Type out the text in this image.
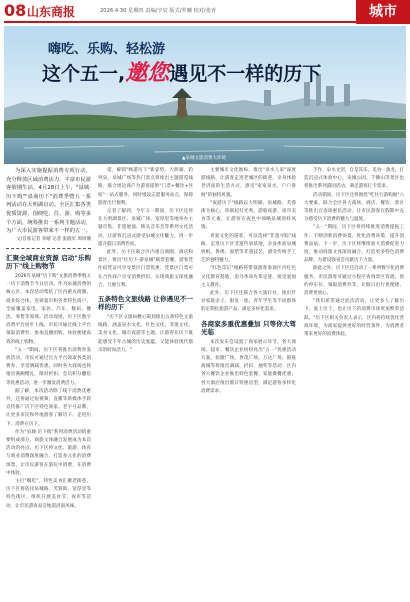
08 山东商报	2026.4.30 星期四 责编/辛辰 版式/罗曦 校对/张青	城市
嗨吃、乐购、轻松游
这个五一,邀您遇见不一样的历下
▲泉城文旅消费大环境

为深入实施提振消费专项行动，充分释放区域消费活力，丰富市民游客假期生活，4月28日上午，"泉城·历下购""泉商历下"消费季暨五一系列活动在大明湖启动。全区汇集各类优质资源，围绕吃、住、游、购等多个方面，统筹推出一系列主题活动，为广大市民游客带来不一样的五一。

文/首席记者 李晴 记者 张晓军 周珂珊

汇聚全域商业资源 启动"乐购历下"线上购物节

2026年泉城"历下购"文旅消费季暨五一历下消费节今日启动。作为泉城消费的核心区，本次活动集结了区内重点商圈、商业综合体、连锁超市和各类特色商户，全面覆盖家电、家居、汽车、数码、餐饮、零售等领域。活动现场，历下区数字消费平台同步上线，市民可通过线上平台领取消费券、参加直播团购，体验便捷高效的线上购物。

"五一"期间，历下区将推出消费券发放活动，市民可通过官方平台领取各类消费券，享受满减优惠。同时各大商场也将推出满额赠礼、限时折扣、会员积分翻倍等优惠活动，进一步激发消费活力。

据了解，本次活动除了线下消费优惠外，还将通过短视频、直播等新媒体手段宣传推广历下区特色商家、老字号品牌，让更多市民和外地游客了解历下、走进历下、消费在历下。

作为"泉城·历下购"系列消费活动的重要组成部分，商旅文体融合发展成为本次活动的亮点。历下区将文化、旅游、体育与商业消费深度融合，打造多元化的消费场景，让市民游客在游玩中消费，在消费中体验。

主打"嗨吃"，特色美食汇聚老街巷。历下区将依托泉城路、芙蓉街、宽厚里等特色街区，组织开展美食节、夜市等活动，让市民游客品尝地道济南风味。

延，解锁"畅游历下"新姿势。大明湖、趵突泉、泉城广场等热门景点将推出主题游览线路，联合周边商户为游客提供"门票+餐饮+住宿"一站式服务，同时增设志愿服务站点，保障游客出行便利。

记者了解到，今年五一期间，历下区还将在大明湖景区、泉城广场、宽厚里等地举办主题市集、非遗展演、街头音乐会等系列文化活动，让游客沉浸式感受泉城文化魅力，进一步提升假日消费热度。

此外，历下区联合区内重点商圈、酒店和景区，推出"住历下·游泉城"联票套餐，游客凭住宿凭证可享受景区门票优惠；凭景区门票可在合作商户享受消费折扣，实现商旅文深度融合、互惠互利。

五条特色文旅线路 让你遇见不一样的历下

"历下区文旅局精心策划推出五条特色文旅线路，涵盖泉水文化、红色文化、非遗文化、美食文化、城市夜游等主题，让游客在历下既能感受千年古城的历史底蕴，又能体验现代都市的时尚活力。"

主要城市文化地标，推出"泉水人家"深度游线路，让游客走进老城区的街巷，亲身体验老济南的生活方式，感受"家家泉水，户户垂杨"的独特风貌。

"夜游历下"线路以大明湖、泉城路、芙蓉街为核心，串联起灯光秀、游船夜游、夜市美食等元素，让游客在夜色中领略泉城别样风情。

喜爱文化的游客，可以选择"非遗寻踪"线路，走进历下区非遗传承基地，亲身体验泉城剪纸、鲁绣、面塑等非遗技艺，感受传统手工艺的独特魅力。

"红色印记"线路将带领游客参观区内红色文化教育基地，追寻革命先辈足迹，接受爱国主义教育。

此外，历下区还联合各大旅行社，推出针对家庭亲子、银发一族、青年学生等不同群体的定制化旅游产品，满足多样化需求。

各商家多重优惠叠加 只等你大驾光临

本次发布会设置了商家展示环节，各大商场、超市、餐饮企业纷纷亮出"五一"优惠活动方案。恒隆广场、世茂广场、万达广场、银座商城等将推出满减、折扣、抽奖等活动；区内各大餐饮企业推出特色套餐、家庭聚餐优惠；各大酒店推出假日特惠房型，满足游客多样化消费需求。

手作、泉水文创，自是其乐，美食一条龙，打造沉浸式体验中心。泉城公园、千佛山等景区也将推出系列游园活动，满足游客打卡需求。

活动期间，历下区还将围绕"吃住行游购娱"六大要素，联合全区各大商场、酒店、餐饮、景区等推出百余项惠民活动，让市民游客在假期中充分感受历下消费的魅力与温度。

"五一"期间，历下区将持续推进消费提振工作，不断创新消费场景，优化消费环境，提升消费品质。下一步，历下区将继续加大消费促进力度，推动商旅文体深度融合，打造更多特色消费品牌，为建设强省会贡献历下力量。

除此之外，历下区还启动了一系列数字化消费服务，市民游客可通过小程序查询景区客流、预约停车位、领取消费券等，让假日出行更便捷、消费更放心。

"我们希望通过此次活动，让更多人了解历下、爱上历下，也让历下的消费市场更加繁荣活跃。"历下区相关负责人表示，区内将持续优化营商环境，为商家提供更好的经营条件，为消费者带来更好的消费体验。
